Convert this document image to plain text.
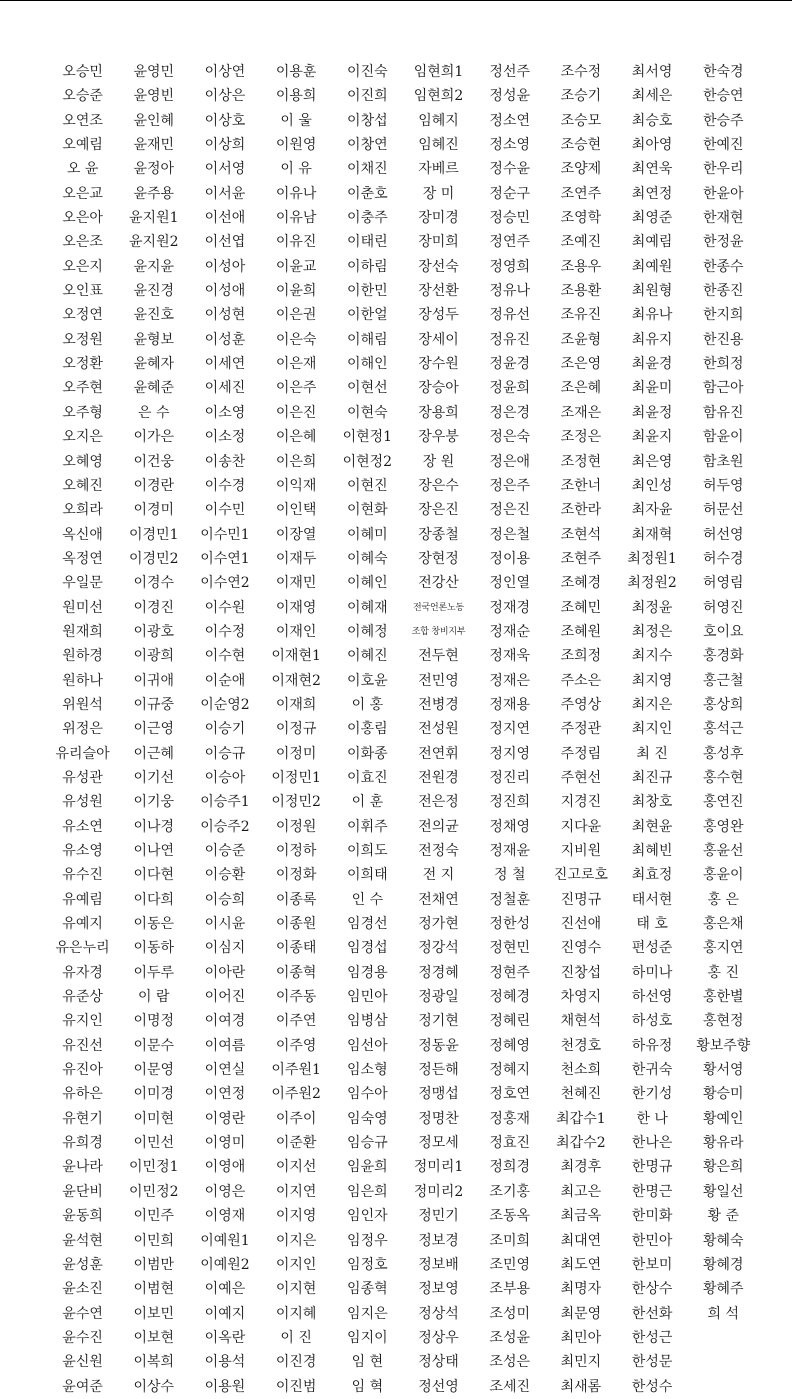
오승민	윤영민	이상연	이용훈	이진숙	임현희1	정선주	조수정	최서영	한숙경
오승준	윤영빈	이상은	이용희	이진희	임현희2	정성윤	조승기	최세은	한승연
오연조	윤인혜	이상호	이 울	이창섭	임혜지	정소연	조승모	최승호	한승주
오예림	윤재민	이상희	이원영	이창연	임혜진	정소영	조승현	최아영	한예진
오 윤	윤정아	이서영	이 유	이채진	자베르	정수윤	조양제	최연욱	한우리
오은교	윤주용	이서윤	이유나	이춘호	장 미	정순구	조연주	최연정	한윤아
오은아	윤지원1	이선애	이유남	이충주	장미경	정승민	조영학	최영준	한재현
오은조	윤지원2	이선엽	이유진	이태린	장미희	정연주	조예진	최예림	한정윤
오은지	윤지윤	이성아	이윤교	이하림	장선숙	정영희	조용우	최예원	한종수
오인표	윤진경	이성애	이윤희	이한민	장선환	정유나	조용환	최원형	한종진
오정연	윤진호	이성현	이은권	이한얼	장성두	정유선	조유진	최유나	한지희
오정원	윤형보	이성훈	이은숙	이해림	장세이	정유진	조윤형	최유지	한진용
오정환	윤혜자	이세연	이은재	이해인	장수원	정윤경	조은영	최윤경	한희정
오주현	윤혜준	이세진	이은주	이현선	장승아	정윤희	조은혜	최윤미	함근아
오주형	은 수	이소영	이은진	이현숙	장용희	정은경	조재은	최윤정	함유진
오지은	이가은	이소정	이은혜	이현정1	장우붕	정은숙	조정은	최윤지	함윤이
오혜영	이건웅	이송찬	이은희	이현정2	장 원	정은애	조정현	최은영	함초원
오혜진	이경란	이수경	이익재	이현진	장은수	정은주	조한너	최인성	허두영
오희라	이경미	이수민	이인택	이현화	장은진	정은진	조한라	최자윤	허문선
옥신애	이경민1	이수민1	이장열	이혜미	장종철	정은철	조현석	최재혁	허선영
옥정연	이경민2	이수연1	이재두	이혜숙	장현정	정이용	조현주	최정원1	허수경
우일문	이경수	이수연2	이재민	이혜인	전강산	정인열	조혜경	최정원2	허영림
원미선	이경진	이수원	이재영	이혜재	전국언론노동	정재경	조혜민	최정윤	허영진
원재희	이광호	이수정	이재인	이혜정	조합 창비지부	정재순	조혜원	최정은	호이요
원하경	이광희	이수현	이재현1	이혜진	전두현	정재욱	조희정	최지수	홍경화
원하나	이귀애	이순애	이재현2	이호윤	전민영	정재은	주소은	최지영	홍근철
위원석	이규중	이순영2	이재희	이 홍	전병경	정재용	주영상	최지은	홍상희
위정은	이근영	이승기	이정규	이홍림	전성원	정지연	주정관	최지인	홍석근
유리슬아	이근혜	이승규	이정미	이화종	전연휘	정지영	주정림	최 진	홍성후
유성관	이기선	이승아	이정민1	이효진	전원경	정진리	주현선	최진규	홍수현
유성원	이기웅	이승주1	이정민2	이 훈	전은정	정진희	지경진	최창호	홍연진
유소연	이나경	이승주2	이정원	이휘주	전의균	정채영	지다윤	최현윤	홍영완
유소영	이나연	이승준	이정하	이희도	전정숙	정재윤	지비원	최혜빈	홍윤선
유수진	이다현	이승환	이정화	이희태	전 지	정 철	진고로호	최효정	홍윤이
유예림	이다희	이승희	이종록	인 수	전채연	정철훈	진명규	태서현	홍 은
유예지	이동은	이시윤	이종원	임경선	정가현	정한성	진선애	태 호	홍은채
유은누리	이동하	이심지	이종태	임경섭	정강석	정현민	진영수	편성준	홍지연
유자경	이두루	이아란	이종혁	임경용	정경혜	정현주	진창섭	하미나	홍 진
유준상	이 람	이어진	이주동	임민아	정광일	정혜경	차영지	하선영	홍한별
유지인	이명정	이여경	이주연	임병삼	정기현	정혜린	채현석	하성호	홍현정
유진선	이문수	이여름	이주영	임선아	정동윤	정혜영	천경호	하유정	황보주향
유진아	이문영	이연실	이주원1	임소형	정든해	정혜지	천소희	한귀숙	황서영
유하은	이미경	이연정	이주원2	임수아	정맹섭	정호연	천혜진	한기성	황승미
유현기	이미현	이영란	이주이	임숙영	정명찬	정홍재	최갑수1	한 나	황예인
유희경	이민선	이영미	이준환	임승규	정모세	정효진	최갑수2	한나은	황유라
윤나라	이민정1	이영애	이지선	임윤희	정미리1	정희경	최경후	한명규	황은희
윤단비	이민정2	이영은	이지연	임은희	정미리2	조기홍	최고은	한명근	황일선
윤동희	이민주	이영재	이지영	임인자	정민기	조동옥	최금옥	한미화	황 준
윤석현	이민희	이예원1	이지은	임정우	정보경	조미희	최대연	한민아	황혜숙
윤성훈	이범만	이예원2	이지인	임정호	정보배	조민영	최도연	한보미	황혜경
윤소진	이범현	이예은	이지현	임종혁	정보영	조부용	최명자	한상수	황혜주
윤수연	이보민	이예지	이지혜	임지은	정상석	조성미	최문영	한선화	희 석
윤수진	이보현	이옥란	이 진	임지이	정상우	조성윤	최민아	한성근
윤신원	이복희	이용석	이진경	임 현	정상태	조성은	최민지	한성문
윤여준	이상수	이용원	이진범	임 혁	정선영	조세진	최새롬	한성수
